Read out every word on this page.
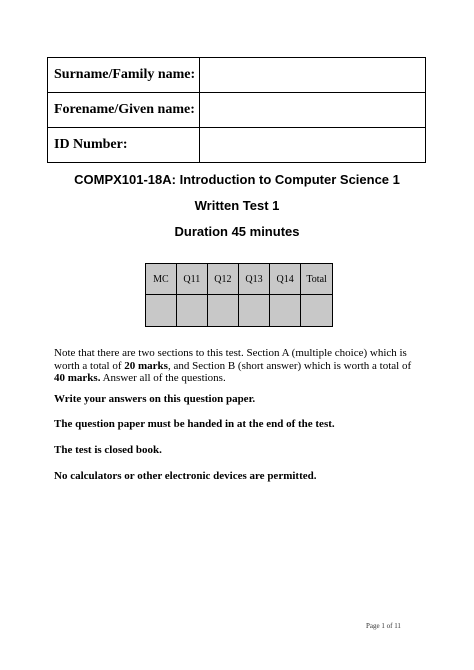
Surname/Family name:	
Forename/Given name:	
ID Number:	
COMPX101-18A: Introduction to Computer Science 1
Written Test 1
Duration 45 minutes
MC	Q11	Q12	Q13	Q14	Total

Note that there are two sections to this test. Section A (multiple choice) which is worth a total of 20 marks, and Section B (short answer) which is worth a total of 40 marks. Answer all of the questions.

Write your answers on this question paper.

The question paper must be handed in at the end of the test.

The test is closed book.

No calculators or other electronic devices are permitted.

Page 1 of 11
